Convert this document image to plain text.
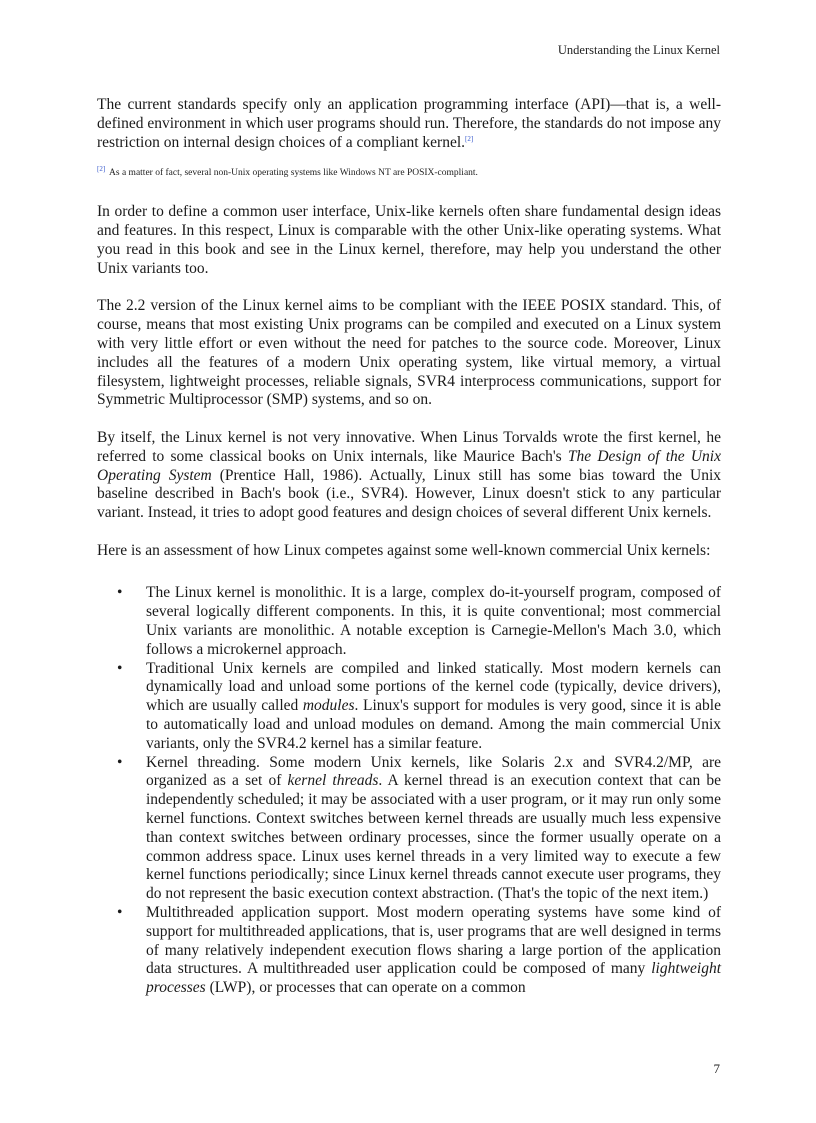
Understanding the Linux Kernel

The current standards specify only an application programming interface (API)—that is, a well-defined environment in which user programs should run. Therefore, the standards do not impose any restriction on internal design choices of a compliant kernel.[2]

[2] As a matter of fact, several non-Unix operating systems like Windows NT are POSIX-compliant.

In order to define a common user interface, Unix-like kernels often share fundamental design ideas and features. In this respect, Linux is comparable with the other Unix-like operating systems. What you read in this book and see in the Linux kernel, therefore, may help you understand the other Unix variants too.

The 2.2 version of the Linux kernel aims to be compliant with the IEEE POSIX standard. This, of course, means that most existing Unix programs can be compiled and executed on a Linux system with very little effort or even without the need for patches to the source code. Moreover, Linux includes all the features of a modern Unix operating system, like virtual memory, a virtual filesystem, lightweight processes, reliable signals, SVR4 interprocess communications, support for Symmetric Multiprocessor (SMP) systems, and so on.

By itself, the Linux kernel is not very innovative. When Linus Torvalds wrote the first kernel, he referred to some classical books on Unix internals, like Maurice Bach's The Design of the Unix Operating System (Prentice Hall, 1986). Actually, Linux still has some bias toward the Unix baseline described in Bach's book (i.e., SVR4). However, Linux doesn't stick to any particular variant. Instead, it tries to adopt good features and design choices of several different Unix kernels.

Here is an assessment of how Linux competes against some well-known commercial Unix kernels:

• The Linux kernel is monolithic. It is a large, complex do-it-yourself program, composed of several logically different components. In this, it is quite conventional; most commercial Unix variants are monolithic. A notable exception is Carnegie-Mellon's Mach 3.0, which follows a microkernel approach.
• Traditional Unix kernels are compiled and linked statically. Most modern kernels can dynamically load and unload some portions of the kernel code (typically, device drivers), which are usually called modules. Linux's support for modules is very good, since it is able to automatically load and unload modules on demand. Among the main commercial Unix variants, only the SVR4.2 kernel has a similar feature.
• Kernel threading. Some modern Unix kernels, like Solaris 2.x and SVR4.2/MP, are organized as a set of kernel threads. A kernel thread is an execution context that can be independently scheduled; it may be associated with a user program, or it may run only some kernel functions. Context switches between kernel threads are usually much less expensive than context switches between ordinary processes, since the former usually operate on a common address space. Linux uses kernel threads in a very limited way to execute a few kernel functions periodically; since Linux kernel threads cannot execute user programs, they do not represent the basic execution context abstraction. (That's the topic of the next item.)
• Multithreaded application support. Most modern operating systems have some kind of support for multithreaded applications, that is, user programs that are well designed in terms of many relatively independent execution flows sharing a large portion of the application data structures. A multithreaded user application could be composed of many lightweight processes (LWP), or processes that can operate on a common
7
